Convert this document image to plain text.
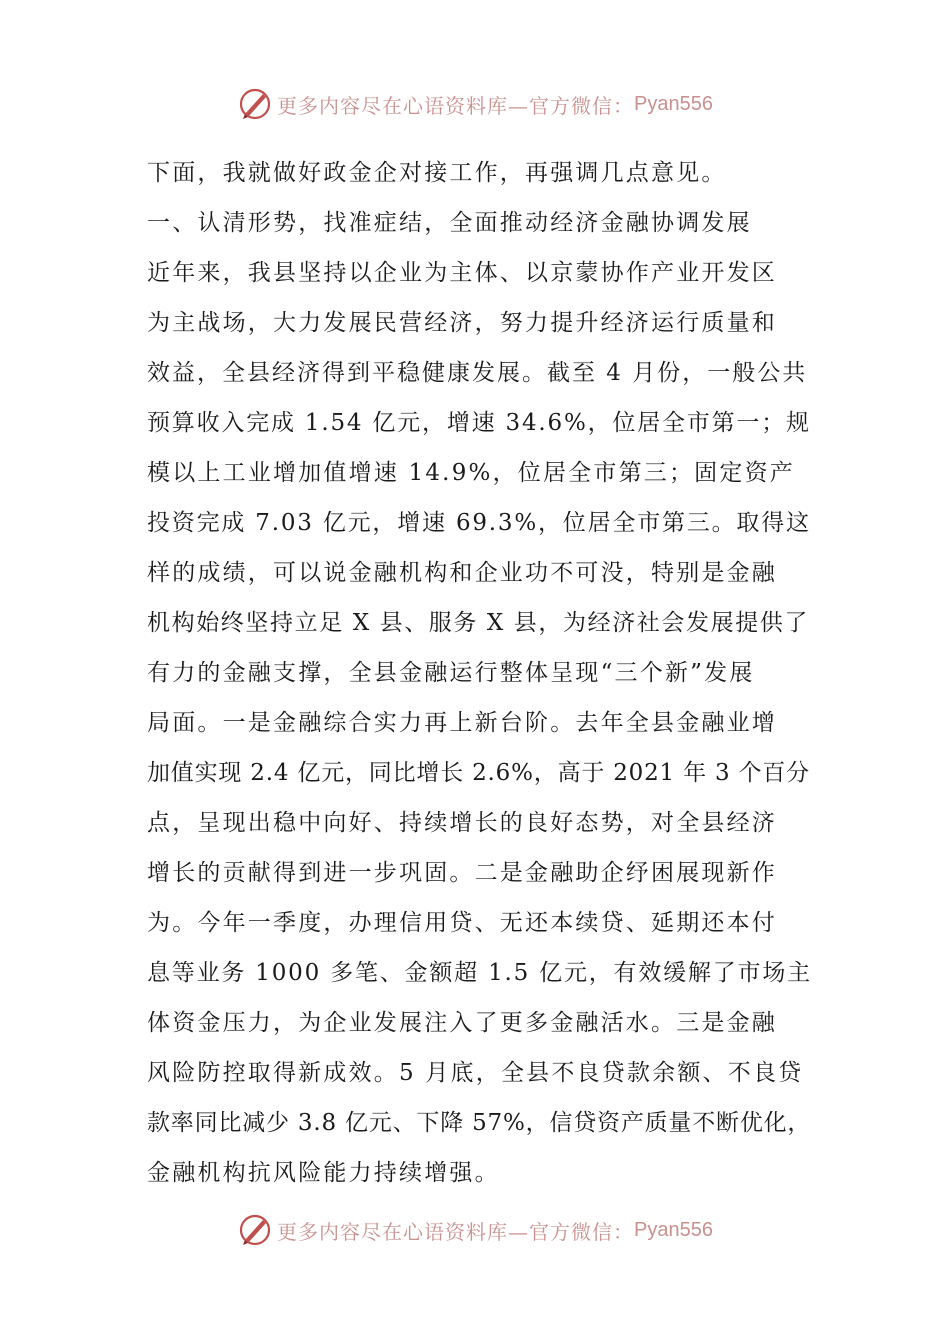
更多内容尽在心语资料库—官方微信： Pyan556
下面，我就做好政金企对接工作，再强调几点意见。
一、认清形势，找准症结，全面推动经济金融协调发展
近年来，我县坚持以企业为主体、以京蒙协作产业开发区
为主战场，大力发展民营经济，努力提升经济运行质量和
效益，全县经济得到平稳健康发展。截至 4 月份，一般公共
预算收入完成 1.54 亿元，增速 34.6%，位居全市第一；规
模以上工业增加值增速 14.9%，位居全市第三；固定资产
投资完成 7.03 亿元，增速 69.3%，位居全市第三。取得这
样的成绩，可以说金融机构和企业功不可没，特别是金融
机构始终坚持立足 X 县、服务 X 县，为经济社会发展提供了
有力的金融支撑，全县金融运行整体呈现“三个新”发展
局面。一是金融综合实力再上新台阶。去年全县金融业增
加值实现 2.4 亿元，同比增长 2.6%，高于 2021 年 3 个百分
点，呈现出稳中向好、持续增长的良好态势，对全县经济
增长的贡献得到进一步巩固。二是金融助企纾困展现新作
为。今年一季度，办理信用贷、无还本续贷、延期还本付
息等业务 1000 多笔、金额超 1.5 亿元，有效缓解了市场主
体资金压力，为企业发展注入了更多金融活水。三是金融
风险防控取得新成效。5 月底，全县不良贷款余额、不良贷
款率同比减少 3.8 亿元、下降 57%，信贷资产质量不断优化，
金融机构抗风险能力持续增强。
更多内容尽在心语资料库—官方微信： Pyan556
